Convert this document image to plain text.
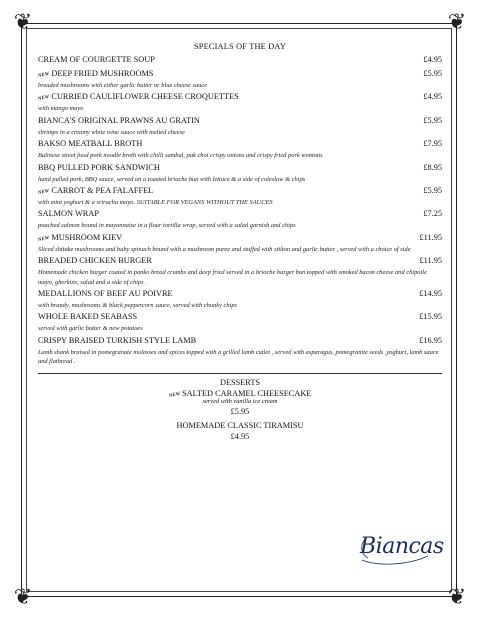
❦	❦
❦	❦
SPECIALS OF THE DAY
CREAM OF COURGETTE SOUP	£4.95
NEW DEEP FRIED MUSHROOMS	£5.95
breaded mushrooms with either garlic butter or blue cheese sauce
NEW CURRIED CAULIFLOWER CHEESE CROQUETTES	£4.95
with mango mayo
BIANCA'S ORIGINAL PRAWNS AU GRATIN	£5.95
shrimps in a creamy white wine sauce with melted cheese
BAKSO MEATBALL BROTH	£7.95
Balinese street food pork noodle broth with chilli sambal, pak choi crispy onions and crispy fried pork wontons
BBQ PULLED PORK SANDWICH	£8.95
hand pulled pork, BBQ sauce, served on a toasted brioche bun with lettuce & a side of coleslaw & chips
NEW CARROT & PEA FALAFFEL	£5.95
with mint yoghurt & a sriracha mayo. SUITABLE FOR VEGANS WITHOUT THE SAUCES
SALMON WRAP	£7.25
poached salmon bound in mayonnaise in a flour tortilla wrap, served with a salad garnish and chips
NEW MUSHROOM KIEV	£11.95
Sliced shitake mushrooms and baby spinach bound with a mushroom puree and stuffed with stilton and garlic butter , served with a choice of side
BREADED CHICKEN BURGER	£11.95
Homemade chicken burger coated in panko bread crumbs and deep fried served in a brioche burger bun topped with smoked bacon cheese and chipotle mayo, gherkins, salad and a side of chips .
MEDALLIONS OF BEEF AU POIVRE	£14.95
with brandy, mushrooms & black peppercorn sauce, served with chunky chips
WHOLE BAKED SEABASS	£15.95
served with garlic butter & new potatoes
CRISPY BRAISED TURKISH STYLE LAMB	£16.95
Lamb shank braised in pomegranate molasses and spices topped with a grilled lamb cutlet , served with asparagus, pomegranite seeds ,yoghurt, lamb sauce and flatbread .
DESSERTS
NEW SALTED CARAMEL CHEESECAKE
served with vanilla ice cream
£5.95
HOMEMADE CLASSIC TIRAMISU
£4.95
Biancas
